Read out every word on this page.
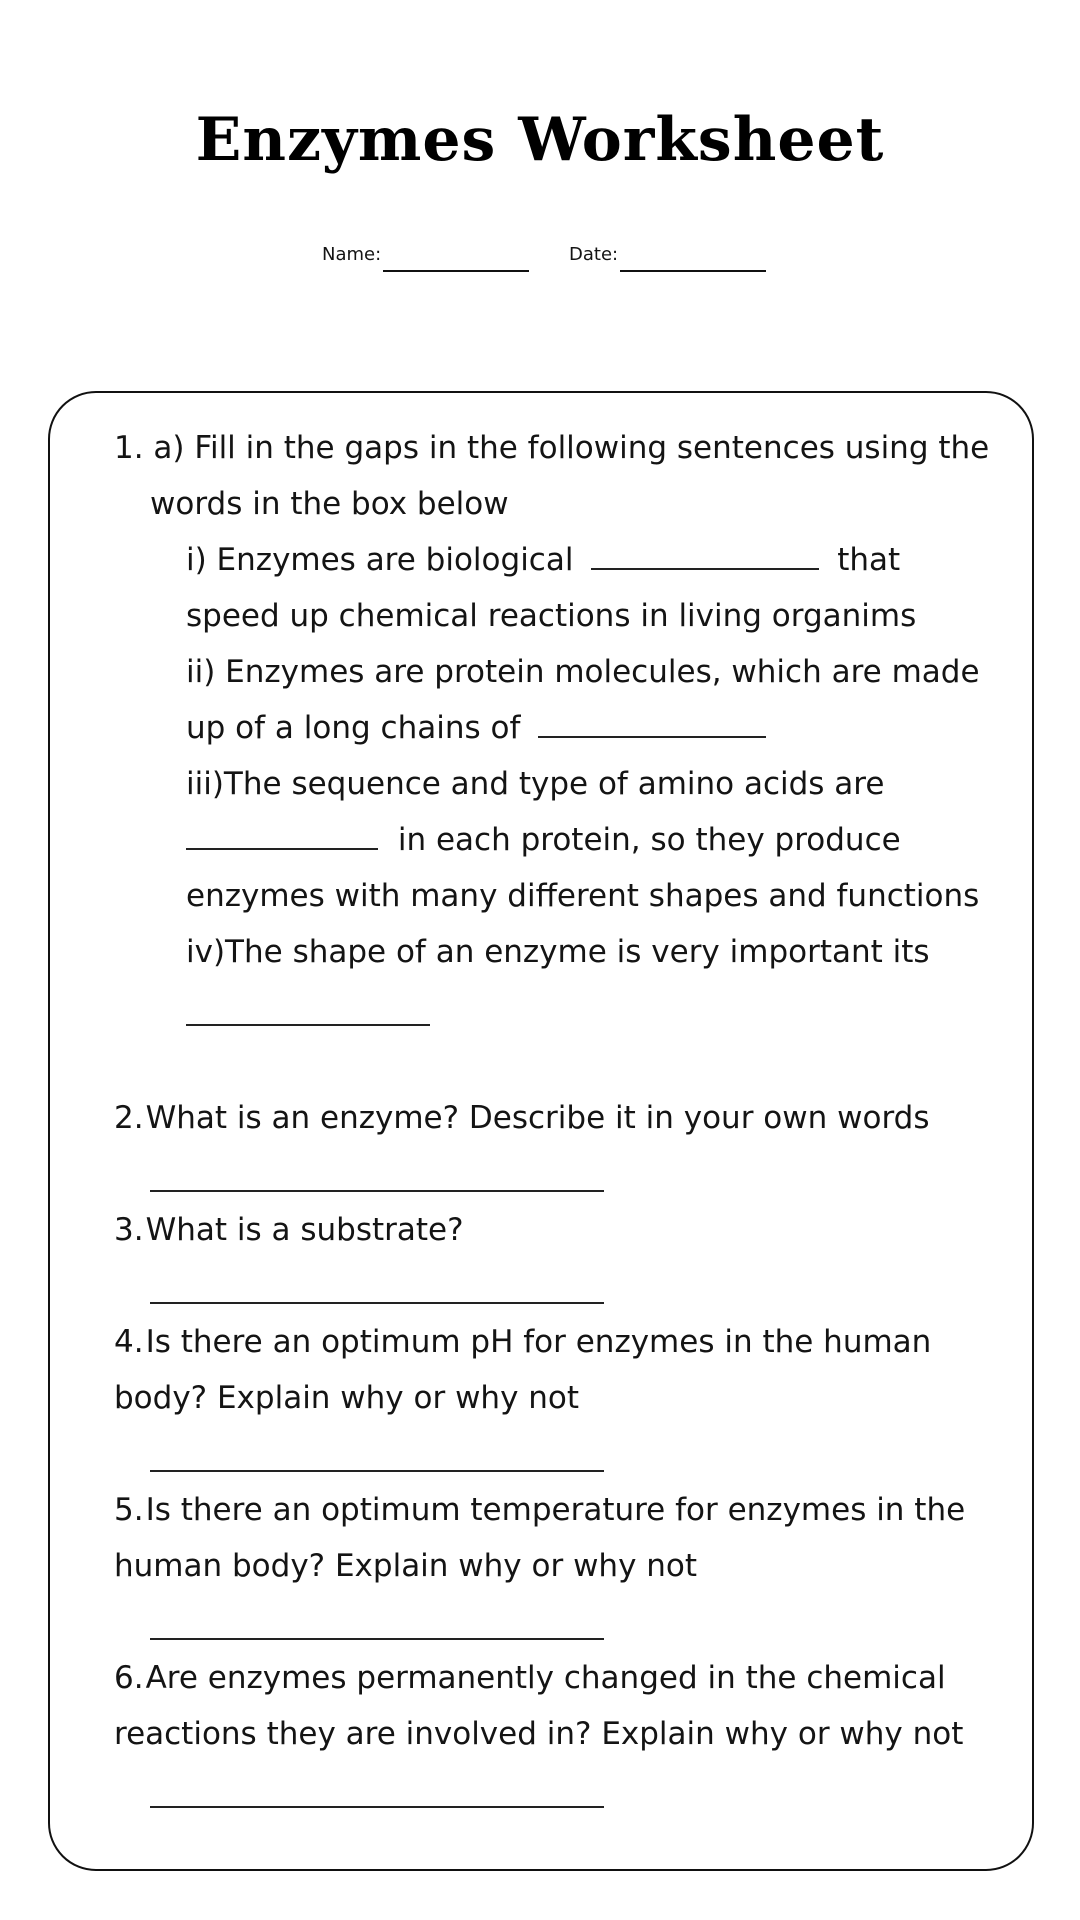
Enzymes Worksheet
Name:	Date:
1. a) Fill in the gaps in the following sentences using the
words in the box below
i) Enzymes are biological	that
speed up chemical reactions in living organims
ii) Enzymes are protein molecules, which are made
up of a long chains of
iii)The sequence and type of amino acids are
in each protein, so they produce
enzymes with many different shapes and functions
iv)The shape of an enzyme is very important its
2.What is an enzyme? Describe it in your own words
3.What is a substrate?
4.Is there an optimum pH for enzymes in the human
body? Explain why or why not
5.Is there an optimum temperature for enzymes in the
human body? Explain why or why not
6.Are enzymes permanently changed in the chemical
reactions they are involved in? Explain why or why not
